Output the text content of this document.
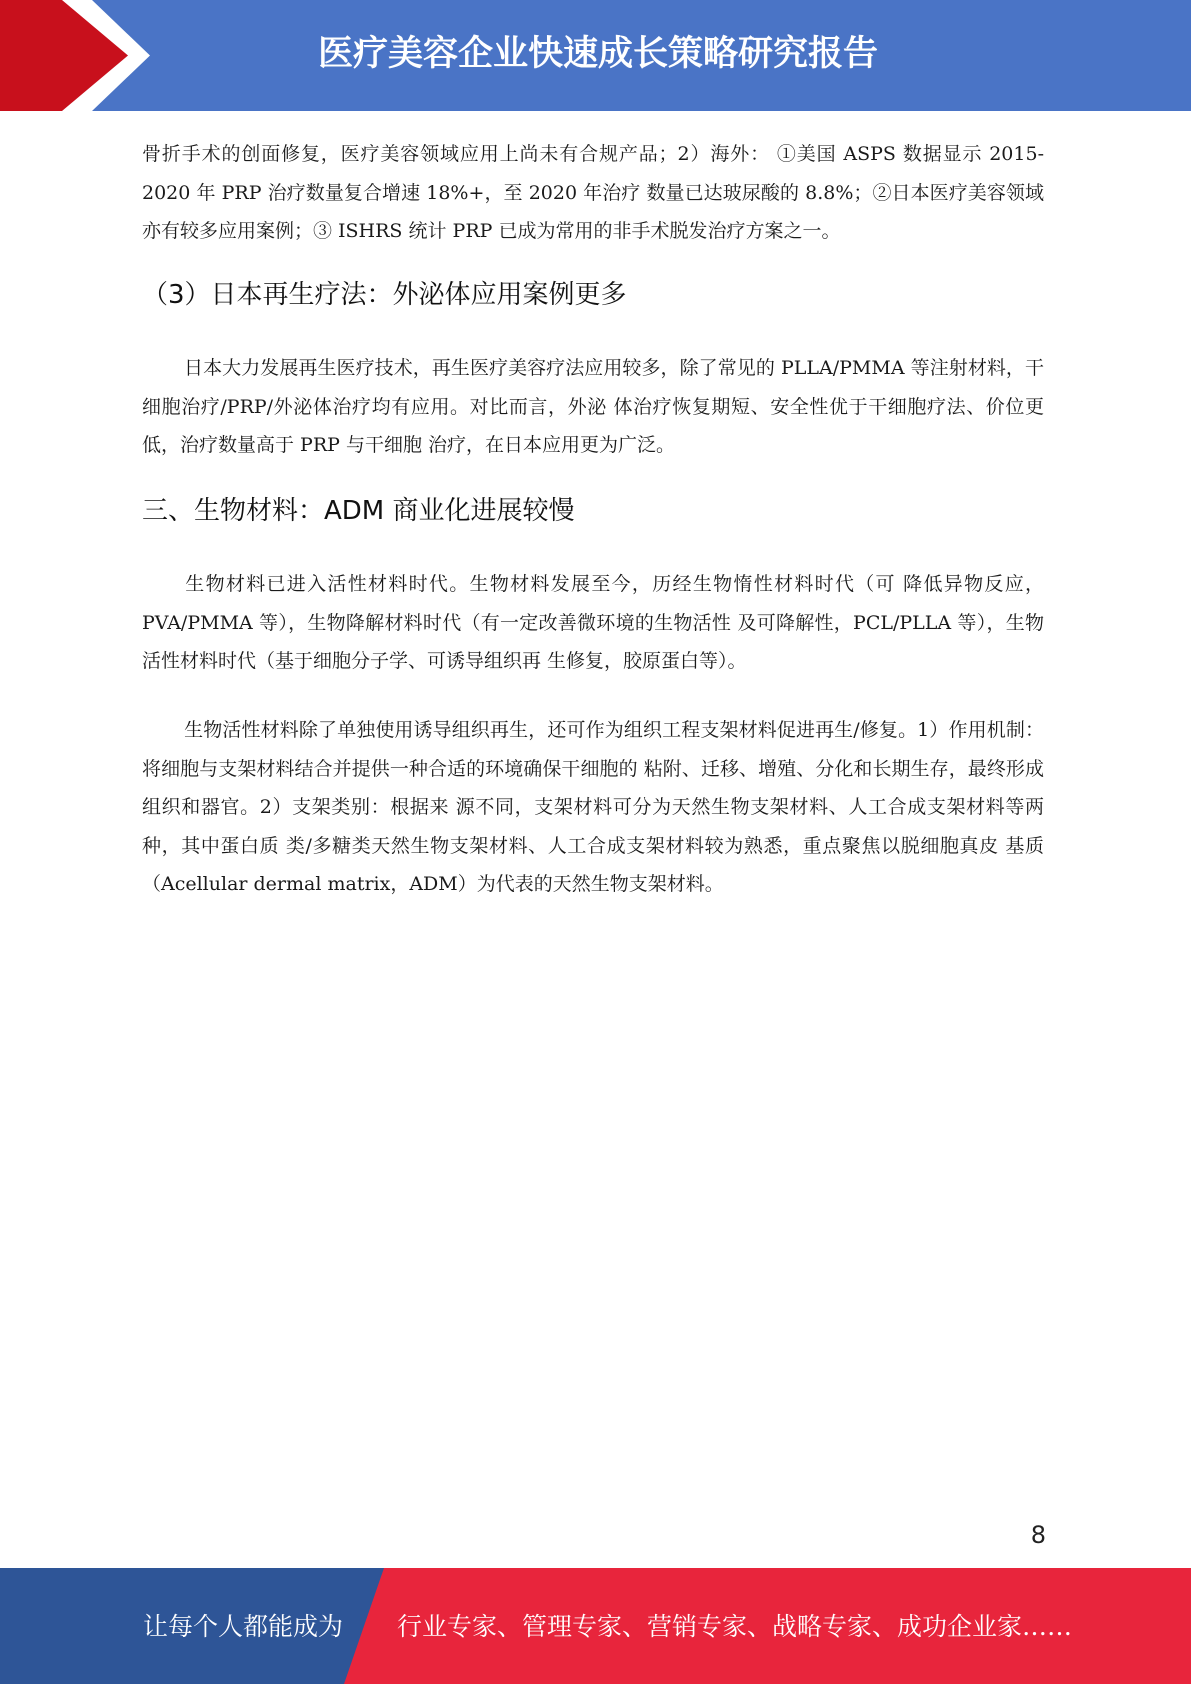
医疗美容企业快速成长策略研究报告

骨折手术的创面修复，医疗美容领域应用上尚未有合规产品；2）海外： ①美国 ASPS 数据显示 2015-2020 年 PRP 治疗数量复合增速 18%+，至 2020 年治疗 数量已达玻尿酸的 8.8%；②日本医疗美容领域亦有较多应用案例；③ ISHRS 统计 PRP 已成为常用的非手术脱发治疗方案之一。

（3）日本再生疗法：外泌体应用案例更多

日本大力发展再生医疗技术，再生医疗美容疗法应用较多，除了常见的 PLLA/PMMA 等注射材料，干细胞治疗/PRP/外泌体治疗均有应用。对比而言，外泌 体治疗恢复期短、安全性优于干细胞疗法、价位更低，治疗数量高于 PRP 与干细胞 治疗，在日本应用更为广泛。

三、生物材料：ADM 商业化进展较慢

生物材料已进入活性材料时代。生物材料发展至今，历经生物惰性材料时代（可 降低异物反应，PVA/PMMA 等），生物降解材料时代（有一定改善微环境的生物活性 及可降解性，PCL/PLLA 等），生物活性材料时代（基于细胞分子学、可诱导组织再 生修复，胶原蛋白等）。

生物活性材料除了单独使用诱导组织再生，还可作为组织工程支架材料促进再生/修复。1）作用机制：将细胞与支架材料结合并提供一种合适的环境确保干细胞的 粘附、迁移、增殖、分化和长期生存，最终形成组织和器官。2）支架类别：根据来 源不同，支架材料可分为天然生物支架材料、人工合成支架材料等两种，其中蛋白质 类/多糖类天然生物支架材料、人工合成支架材料较为熟悉，重点聚焦以脱细胞真皮 基质（Acellular dermal matrix，ADM）为代表的天然生物支架材料。

8
让每个人都能成为 行业专家、管理专家、营销专家、战略专家、成功企业家……
